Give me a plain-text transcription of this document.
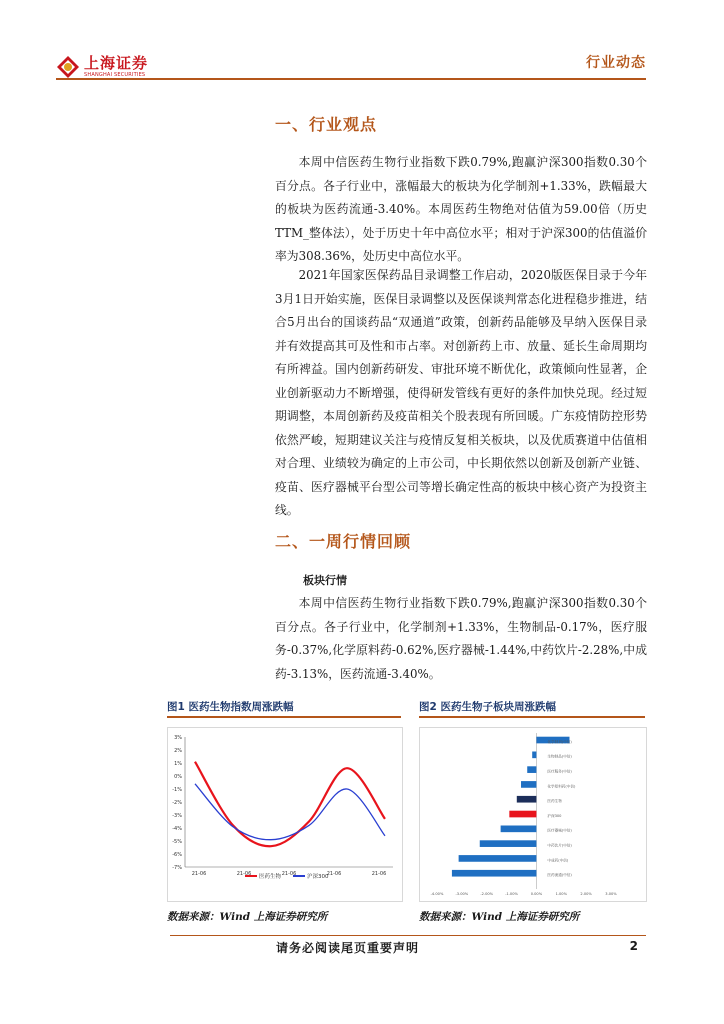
上海证券
SHANGHAI SECURITIES
行业动态
一、行业观点

本周中信医药生物行业指数下跌0.79%,跑赢沪深300指数0.30个百分点。各子行业中，涨幅最大的板块为化学制剂+1.33%，跌幅最大的板块为医药流通-3.40%。本周医药生物绝对估值为59.00倍（历史TTM_整体法），处于历史十年中高位水平；相对于沪深300的估值溢价率为308.36%，处历史中高位水平。

2021年国家医保药品目录调整工作启动，2020版医保目录于今年3月1日开始实施，医保目录调整以及医保谈判常态化进程稳步推进，结合5月出台的国谈药品“双通道”政策，创新药品能够及早纳入医保目录并有效提高其可及性和市占率。对创新药上市、放量、延长生命周期均有所裨益。国内创新药研发、审批环境不断优化，政策倾向性显著，企业创新驱动力不断增强，使得研发管线有更好的条件加快兑现。经过短期调整，本周创新药及疫苗相关个股表现有所回暖。广东疫情防控形势依然严峻，短期建议关注与疫情反复相关板块，以及优质赛道中估值相对合理、业绩较为确定的上市公司，中长期依然以创新及创新产业链、疫苗、医疗器械平台型公司等增长确定性高的板块中核心资产为投资主线。

二、一周行情回顾
板块行情

本周中信医药生物行业指数下跌0.79%,跑赢沪深300指数0.30个百分点。各子行业中，化学制剂+1.33%，生物制品-0.17%，医疗服务-0.37%,化学原料药-0.62%,医疗器械-1.44%,中药饮片-2.28%,中成药-3.13%，医药流通-3.40%。

图1 医药生物指数周涨跌幅
3%
2%
1%
0%
-1%
-2%
-3%
-4%
-5%
-6%
-7%
21-06	21-06	21-06	21-06	21-06
医药生物	沪深300
图2 医药生物子板块周涨跌幅
化学制剂(中信)
生物制品(中信)
医疗服务(中信)
化学原料药(中信)
医药生物
沪深300
医疗器械(中信)
中药饮片(中信)
中成药(中信)
医药流通(中信)
-4.00%	-3.00%	-2.00%	-1.00%	0.00%	1.00%	2.00%	3.00%
数据来源：Wind 上海证券研究所	数据来源：Wind 上海证券研究所
请务必阅读尾页重要声明	2
